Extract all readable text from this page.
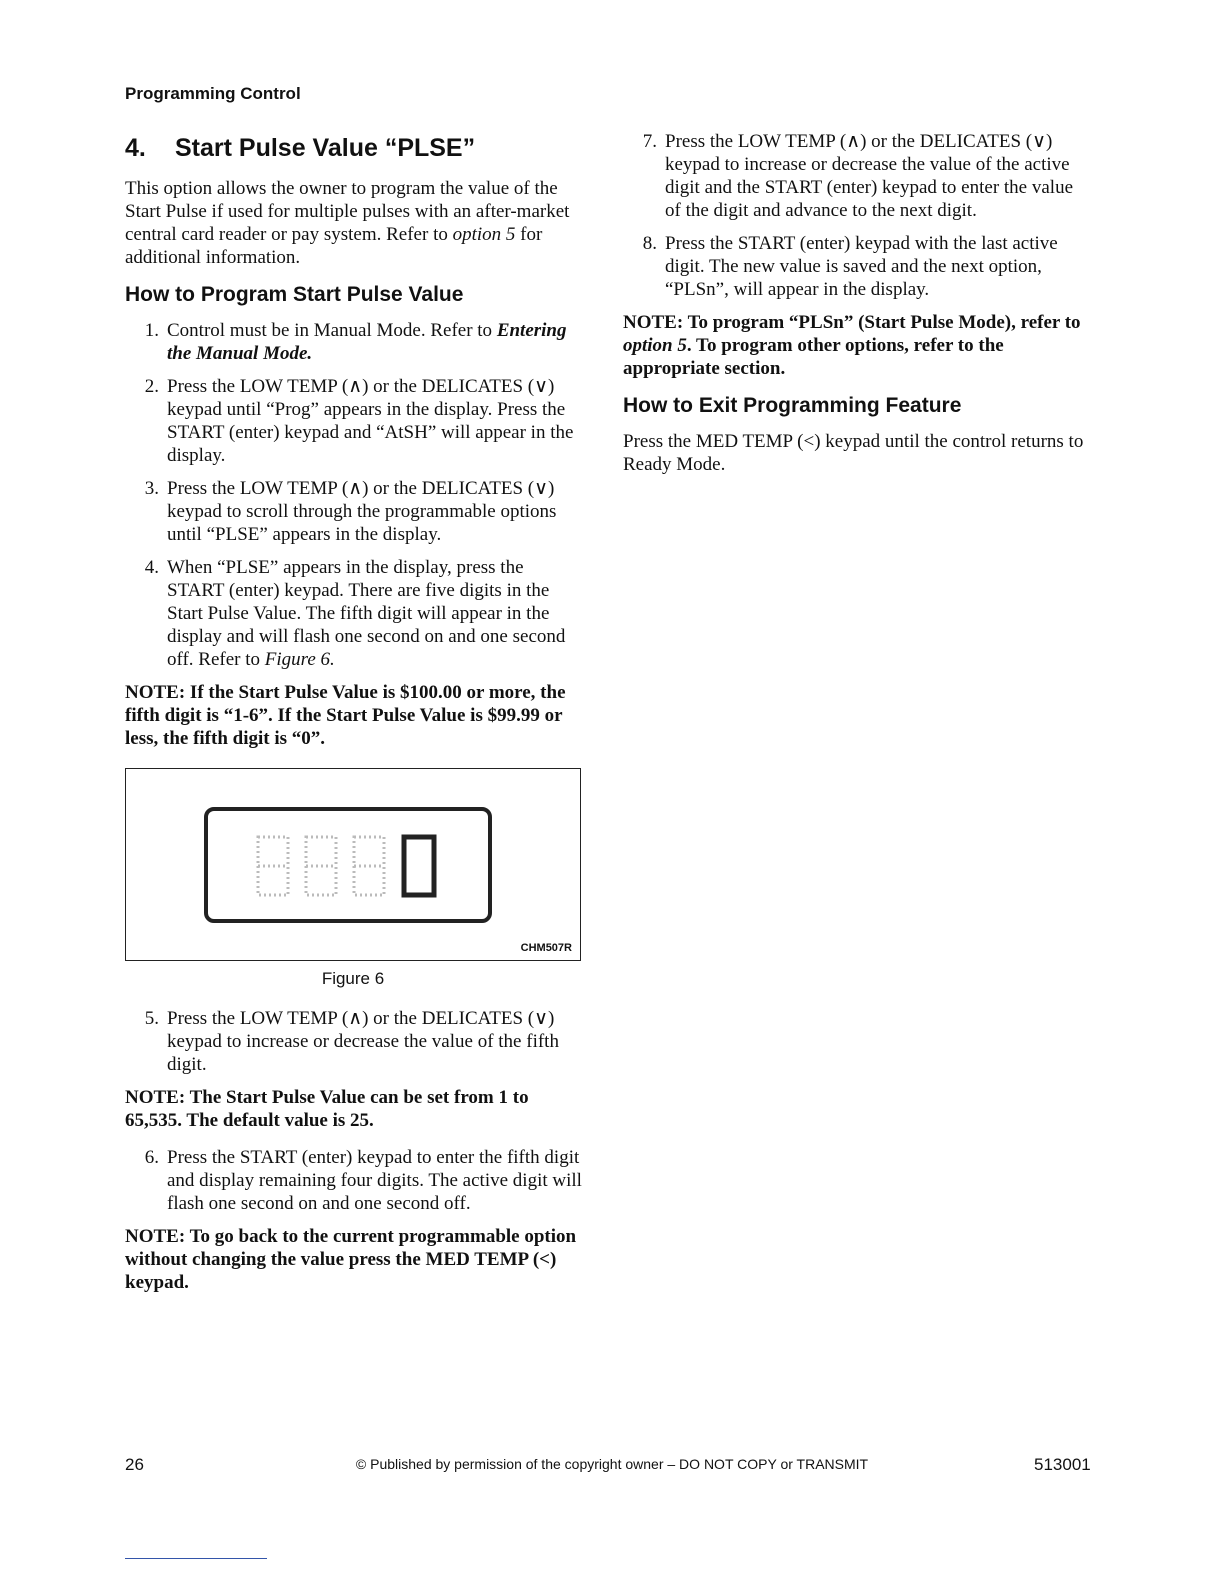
Programming Control
4.	Start Pulse Value “PLSE”

This option allows the owner to program the value of the Start Pulse if used for multiple pulses with an after-market central card reader or pay system. Refer to option 5 for additional information.

How to Program Start Pulse Value
1. Control must be in Manual Mode. Refer to Entering the Manual Mode.
2. Press the LOW TEMP (∧) or the DELICATES (∨) keypad until “Prog” appears in the display. Press the START (enter) keypad and “AtSH” will appear in the display.
3. Press the LOW TEMP (∧) or the DELICATES (∨) keypad to scroll through the programmable options until “PLSE” appears in the display.
4. When “PLSE” appears in the display, press the START (enter) keypad. There are five digits in the Start Pulse Value. The fifth digit will appear in the display and will flash one second on and one second off. Refer to Figure 6.
NOTE: If the Start Pulse Value is $100.00 or more, the fifth digit is “1-6”. If the Start Pulse Value is $99.99 or less, the fifth digit is “0”.
0
CHM507R
Figure 6
5. Press the LOW TEMP (∧) or the DELICATES (∨) keypad to increase or decrease the value of the fifth digit.
NOTE: The Start Pulse Value can be set from 1 to 65,535. The default value is 25.
6. Press the START (enter) keypad to enter the fifth digit and display remaining four digits. The active digit will flash one second on and one second off.
NOTE: To go back to the current programmable option without changing the value press the MED TEMP (<) keypad.
7. Press the LOW TEMP (∧) or the DELICATES (∨) keypad to increase or decrease the value of the active digit and the START (enter) keypad to enter the value of the digit and advance to the next digit.
8. Press the START (enter) keypad with the last active digit. The new value is saved and the next option, “PLSn”, will appear in the display.
NOTE: To program “PLSn” (Start Pulse Mode), refer to option 5. To program other options, refer to the appropriate section.
How to Exit Programming Feature

Press the MED TEMP (<) keypad until the control returns to Ready Mode.

26	© Published by permission of the copyright owner – DO NOT COPY or TRANSMIT	513001
